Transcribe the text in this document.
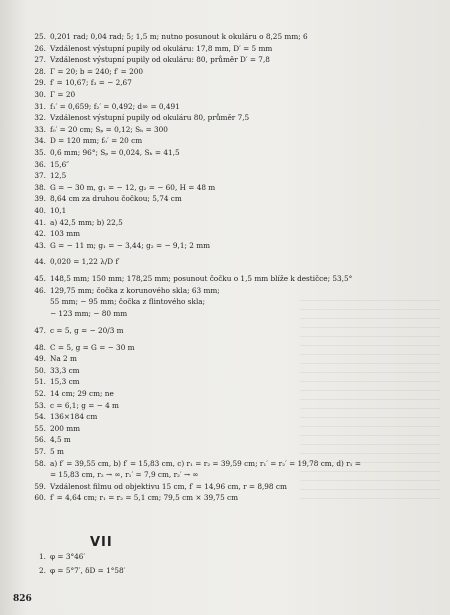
25. 0,201 rad; 0,04 rad; 5; 1,5 m; nutno posunout k okuláru o 8,25 mm; 6
26. Vzdálenost výstupní pupily od okuláru: 17,8 mm, D′ = 5 mm
27. Vzdálenost výstupní pupily od okuláru: 80, průměr D′ = 7,8
28. Γ = 20; b = 240; f′ = 200
29. f′ = 10,67; f₃ = − 2,67
30. Γ = 20
31. f₁′ = 0,659; f₂′ = 0,492; d∞ = 0,491
32. Vzdálenost výstupní pupily od okuláru 80, průměr 7,5
33. f₀′ = 20 cm; Sₚ = 0,12; Sₕ = 300
34. D = 120 mm; f₀′ = 20 cm
35. 0,6 mm; 96°; Sₚ = 0,024, Sₕ = 41,5
36. 15,6″
37. 12,5
38. G = − 30 m, g₁ = − 12, g₂ = − 60, H = 48 m
39. 8,64 cm za druhou čočkou; 5,74 cm
40. 10,1
41. a) 42,5 mm; b) 22,5
42. 103 mm
43. G = − 11 m; g₁ = − 3,44; g₂ = − 9,1; 2 mm
44. 0,020 = 1,22 λ/D f′
45. 148,5 mm; 150 mm; 178,25 mm; posunout čočku o 1,5 mm blíže k destičce; 53,5°
46. 129,75 mm; čočka z korunového skla; 63 mm;
55 mm; − 95 mm; čočka z flintového skla;
− 123 mm; − 80 mm
47. c = 5, g = − 20/3 m
48. C = 5, g = G = − 30 m
49. Na 2 m
50. 33,3 cm
51. 15,3 cm
52. 14 cm; 29 cm; ne
53. c = 6,1; g = − 4 m
54. 136×184 cm
55. 200 mm
56. 4,5 m
57. 5 m
58. a) f′ = 39,55 cm, b) f′ = 15,83 cm, c) r₁ = r₂ = 39,59 cm; r₁′ = r₂′ = 19,78 cm, d) r₁ =
= 15,83 cm, r₂ → ∞, r₁′ = 7,9 cm, r₂′ → ∞
59. Vzdálenost filmu od objektivu 15 cm, f′ = 14,96 cm, r = 8,98 cm
60. f′ = 4,64 cm; r₁ = r₂ = 5,1 cm; 79,5 cm × 39,75 cm
VII
1. φ = 3°46′
2. φ = 5°7′, δD = 1°58′
826
